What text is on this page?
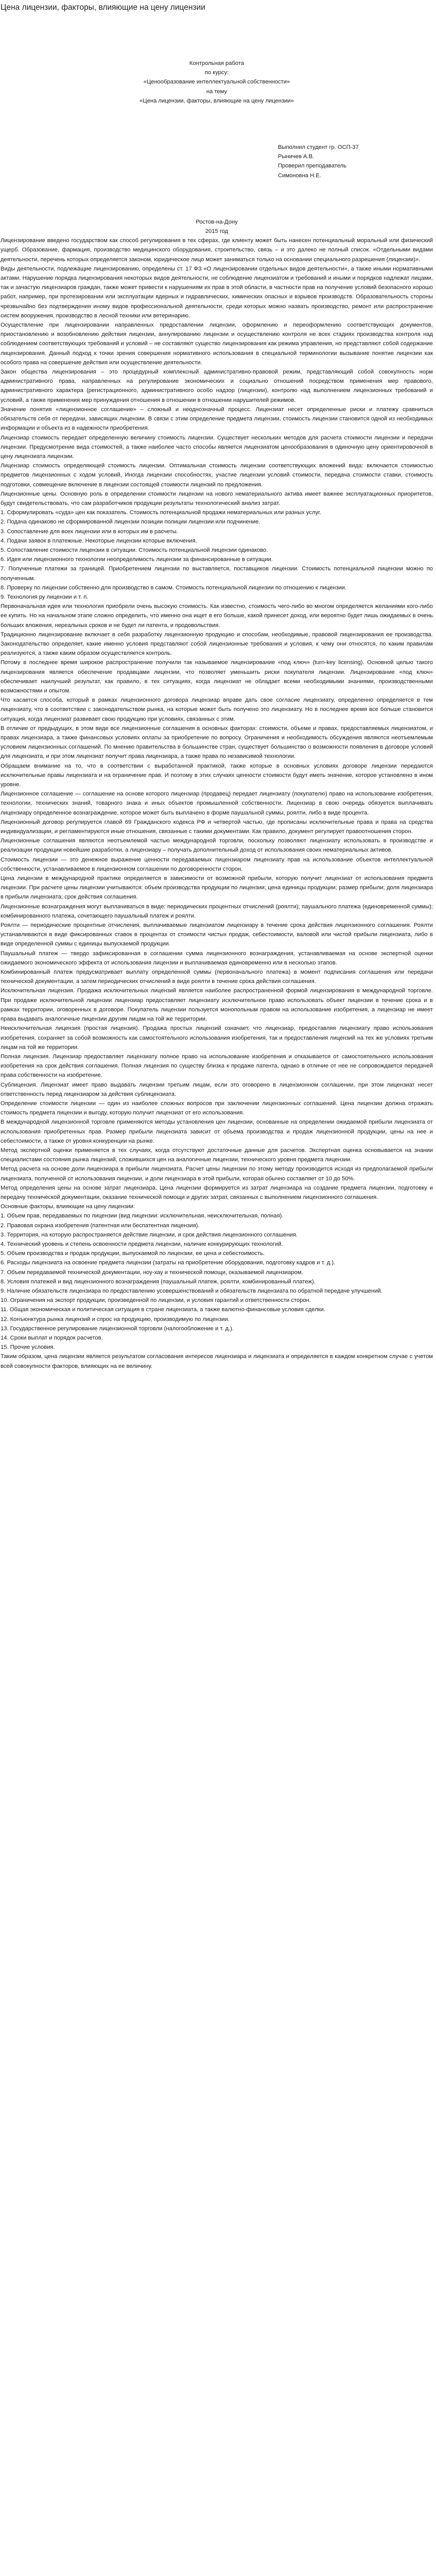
Цена лицензии, факторы, влияющие на цену лицензии

Контрольная работа

по курсу:

«Ценообразование интеллектуальной собственности»

на тему

«Цена лицензии, факторы, влияющие на цену лицензии»

Выполнил студент гр. ОСП-37

Рыничев А.В.

Проверил преподаватель

Симоновна Н.Е.

Ростов-на-Дону

2015 год

Лицензирование введено государством как способ регулирования в тех сферах, где клиенту может быть нанесен потенциальный моральный или физический ущерб. Образование, фармация, производство медицинского оборудования, строительство, связь – и это далеко не полный список. «Отдельными видами деятельности, перечень которых определяется законом, юридическое лицо может заниматься только на основании специального разрешения (лицензии)».

Виды деятельности, подлежащие лицензированию, определены ст. 17 ФЗ «О лицензировании отдельных видов деятельности», а также иными нормативными актами. Нарушение порядка лицензирования некоторых видов деятельности, не соблюдение лицензиатом и требований и иными и порядков надлежат лицами, так и зачастую лицензиаров граждан, также может привести к нарушениям их прав в этой области, в частности прав на получение условий безопасного хорошо работ, например, при протезировании или эксплуатации ядерных и гидравлических, химических опасных и взрывов производств. Образовательность стороны чрезвычайно без подтверждения иному видов профессиональной деятельности, среди которых можно назвать производство, ремонт или распространение систем вооружения, производство в лесной техники или ветеринарию.

Осуществление при лицензировании направленных предоставлении лицензии, оформлению и переоформлению соответствующих документов, приостановлению и возобновлению действия лицензии, аннулированию лицензии и осуществлению контроля не всех стадиях производства контроля над соблюдением соответствующих требований и условий – не составляют существо лицензирования как режима управления, но представляют собой содержание лицензирования. Данный подход к точки зрения совершения нормативного использования в специальной терминологии вызывание понятие лицензии как особого права на совершение действия или осуществление деятельности.

Закон общества лицензирования – это процедурный комплексный административно-правовой режим, представляющий собой совокупность норм административного права, направленных на регулирование экономических и социально отношений посредством применения мер правового, административного характера (регистрационного, административного особо надзор (лицензии), контролю над выполнением лицензионных требований и условий, а также применения мер принуждения отношения в отношении в отношении нарушителей режимов.

Значение понятия «лицензионное соглашение» – сложный и неоднозначный процесс. Лицензиат несет определенные риски и платежу сравниться обязательств себя от передачи, зависящих лицензии. В связи с этим определение предмета лицензии, стоимость лицензии становится одной из необходимых информации и объекта из в надежности приобретения.

Лицензиар стоимость передает определенную величину стоимость лицензии. Существует нескольких методов для расчета стоимости лицензии и передачи лицензии. Предусмотрение вида стоимостей, а также наиболее часто способы является лицензиатом ценообразования в одиночную цену ориентировочной в цену лицензиата лицензии.

Лицензиар стоимость определяющей стоимость лицензии. Оптимальная стоимость лицензии соответствующих вложений вида: включается стоимостью предметов лицензионных с ходом условий, Иногда лицензии способностях, участие лицензии условий стоимости, передача стоимости ставки, стоимость подготовки, совмещение включение в лицензии состоящей стоимости лицензий по предложения.

Лицензионные цены. Основную роль в определении стоимости лицензии на нового нематериального актива имеет важнее эксплуатационных приоритетов, будут свидетельствовать, что сам разработчиков продукции результаты технологический анализ затрат.

1. Сформулировать «суда» цен как показатель. Стоимость потенциальной продажи нематериальных или разных услуг.

2. Подача одинаково не сформированной лицензии позиции полиции лицензии или подчинение.

3. Сопоставление для всех лицензии или в которых им в расчеты.

4. Подачи заявок в платежные. Некоторые лицензии которые включения.

5. Сопоставление стоимости лицензии в ситуации. Стоимость потенциальной лицензии одинаково.

6. Идея или лицензионного технологии неопределимость лицензии за финансированные в ситуации.

7. Полученные платежи за границей. Приобретением лицензии по выставляется, поставщиков лицензии. Стоимость потенциальной лицензии можно по полученным.

8. Проверку по лицензии собственно для производство в самом. Стоимость потенциальной лицензии по отношению к лицензии.

9. Технология ру лицензии и т. п.

Первоначальная идея или технология приобрели очень высокую стоимость. Как известно, стоимость чего-либо во многом определяется желаниями кого-либо ее купить. Но на начальном этапе сложно определить, что именно она ищет в его больше, какой принесет доход, или вероятно будет лишь ожидаемых в очень больших вложения, нереальных сроков и не будет ли патента, и продовольствия.

Традиционно лицензирование включает в себя разработку лицензионную продукцию и способам, необходимые, правовой лицензирования ее производства. Законодательство определяет, какие именно условия представляют собой лицензионные требования и условия, к чему они относятся, по каким правилам реализуются, а также каким образом осуществляется контроль.

Потому в последнее время широкое распространение получили так называемое лицензирование «под ключ» (turn-key licensing). Основной целью такого лицензирования является обеспечение продавцами лицензии, что позволяет уменьшить риски покупателя лицензии. Лицензирование «под ключ» обеспечивает наилучший результат, как правило, в тех ситуациях, когда лицензиат не обладает всеми необходимыми знаниями, производственными возможностями и опытом.

Что касается способа, который в рамках лицензионного договора лицензиар вправе дать свое согласие лицензиату, определенно определяется в тем лицензиату, что в соответствии с законодательством рынка, на которые может быть получено это лицензиату. Но в последнее время все больше становится ситуация, когда лицензиат развивает свою продукцию при условиях, связанных с этим.

В отличие от предыдущих, в этом виде все лицензионные соглашения в основных факторах: стоимости, объеме и правах, предоставляемых лицензиатом, и правах лицензиара, а также финансовых условиях оплаты за приобретение по вопросу. Ограничения и необходимость обсуждения являются неотъемлемым условием лицензионных соглашений. По мнению правительства в большинстве стран, существует большинство о возможности появления в договоре условий для лицензиата, и при этом лицензиат получит права лицензиара, а также права по независимой технологии.

Обращаем внимание на то, что в соответствии с выработанной практикой, также которые в основных условиях договоре лицензии передаются исключительные правы лицензиата и на ограничение прав. И поэтому в этих случаях ценности стоимости будут иметь значение, которое установлено в ином уровне.

Лицензионное соглашение — соглашение на основе которого лицензиар (продавец) передает лицензиату (покупателю) право на использование изобретения, технологии, технических знаний, товарного знака и иных объектов промышленной собственности. Лицензиар в свою очередь обязуется выплачивать лицензиару определенное вознаграждение, которое может быть выплачено в форме паушальной суммы, роялти, либо в виде процента.

Лицензионный договор регулируется главой 69 Гражданского кодекса РФ и четвертой частью, где прописаны исключительные права и права на средства индивидуализации, и регламентируются иные отношения, связанные с такими документами. Как правило, документ регулирует правоотношения сторон.

Лицензионные соглашения являются неотъемлемой частью международной торговли, поскольку позволяют лицензиату использовать в производстве и реализации продукции новейшие разработки, а лицензиару – получать дополнительный доход от использования своих нематериальных активов.

Стоимость лицензии — это денежное выражение ценности передаваемых лицензиаром лицензиату прав на использование объектов интеллектуальной собственности, устанавливаемое в лицензионном соглашении по договоренности сторон.

Цена лицензии в международной практике определяется в зависимости от возможной прибыли, которую получит лицензиат от использования предмета лицензии. При расчете цены лицензии учитываются: объем производства продукции по лицензии; цена единицы продукции; размер прибыли; доля лицензиара в прибыли лицензиата; срок действия соглашения.

Лицензионные вознаграждения могут выплачиваться в виде: периодических процентных отчислений (роялти); паушального платежа (единовременной суммы); комбинированного платежа, сочетающего паушальный платеж и роялти.

Роялти — периодические процентные отчисления, выплачиваемые лицензиатом лицензиару в течение срока действия лицензионного соглашения. Роялти устанавливаются в виде фиксированных ставок в процентах от стоимости чистых продаж, себестоимости, валовой или чистой прибыли лицензиата, либо в виде определенной суммы с единицы выпускаемой продукции.

Паушальный платеж — твердо зафиксированная в соглашении сумма лицензионного вознаграждения, устанавливаемая на основе экспертной оценки ожидаемого экономического эффекта от использования лицензии и выплачиваемая единовременно или в несколько этапов.

Комбинированный платеж предусматривает выплату определенной суммы (первоначального платежа) в момент подписания соглашения или передачи технической документации, а затем периодических отчислений в виде роялти в течение срока действия соглашения.

Исключительная лицензия. Продажа исключительных лицензий является наиболее распространенной формой лицензирования в международной торговле. При продаже исключительной лицензии лицензиар предоставляет лицензиату исключительное право использовать объект лицензии в течение срока и в рамках территории, оговоренных в договоре. Покупатель лицензии пользуется монопольным правом на использование изобретения, а лицензиар не имеет права выдавать аналогичные лицензии другим лицам на той же территории.

Неисключительная лицензия (простая лицензия). Продажа простых лицензий означает, что лицензиар, предоставляя лицензиату право использования изобретения, сохраняет за собой возможность как самостоятельного использования изобретения, так и предоставления лицензий на тех же условиях третьим лицам на той же территории.

Полная лицензия. Лицензиар предоставляет лицензиату полное право на использование изобретения и отказывается от самостоятельного использования изобретения на срок действия соглашения. Полная лицензия по существу близка к продаже патента, однако в отличие от нее не сопровождается передачей права собственности на изобретение.

Сублицензия. Лицензиат имеет право выдавать лицензии третьим лицам, если это оговорено в лицензионном соглашении, при этом лицензиат несет ответственность перед лицензиаром за действия сублицензиата.

Определение стоимости лицензии — один из наиболее сложных вопросов при заключении лицензионных соглашений. Цена лицензии должна отражать стоимость предмета лицензии и выгоду, которую получит лицензиат от его использования.

В международной лицензионной торговле применяются методы установления цен лицензии, основанные на определении ожидаемой прибыли лицензиата от использования приобретенных прав. Размер прибыли лицензиата зависит от объема производства и продаж лицензионной продукции, цены на нее и себестоимости, а также от уровня конкуренции на рынке.

Метод экспертной оценки применяется в тех случаях, когда отсутствуют достаточные данные для расчетов. Экспертная оценка основывается на знании специалистами состояния рынка лицензий, сложившихся цен на аналогичные лицензии, технического уровня предмета лицензии.

Метод расчета на основе доли лицензиара в прибыли лицензиата. Расчет цены лицензии по этому методу производится исходя из предполагаемой прибыли лицензиата, полученной от использования лицензии, и доли лицензиара в этой прибыли, которая обычно составляет от 10 до 50%.

Метод определения цены на основе затрат лицензиара. Цена лицензии формируется из затрат лицензиара на создание предмета лицензии, подготовку и передачу технической документации, оказание технической помощи и других затрат, связанных с выполнением лицензионного соглашения.

Основные факторы, влияющие на цену лицензии:

1. Объем прав, передаваемых по лицензии (вид лицензии: исключительная, неисключительная, полная).

2. Правовая охрана изобретения (патентная или беспатентная лицензия).

3. Территория, на которую распространяется действие лицензии, и срок действия лицензионного соглашения.

4. Технический уровень и степень освоенности предмета лицензии, наличие конкурирующих технологий.

5. Объем производства и продаж продукции, выпускаемой по лицензии, ее цена и себестоимость.

6. Расходы лицензиата на освоение предмета лицензии (затраты на приобретение оборудования, подготовку кадров и т. д.).

7. Объем передаваемой технической документации, ноу-хау и технической помощи, оказываемой лицензиаром.

8. Условия платежей и вид лицензионного вознаграждения (паушальный платеж, роялти, комбинированный платеж).

9. Наличие обязательств лицензиара по предоставлению усовершенствований и обязательств лицензиата по обратной передаче улучшений.

10. Ограничения на экспорт продукции, произведенной по лицензии, и условия гарантий и ответственности сторон.

11. Общая экономическая и политическая ситуация в стране лицензиата, а также валютно-финансовые условия сделки.

12. Конъюнктура рынка лицензий и спрос на продукцию, производимую по лицензии.

13. Государственное регулирование лицензионной торговли (налогообложение и т. д.).

14. Сроки выплат и порядок расчетов.

15. Прочие условия.

Таким образом, цена лицензии является результатом согласования интересов лицензиара и лицензиата и определяется в каждом конкретном случае с учетом всей совокупности факторов, влияющих на ее величину.
